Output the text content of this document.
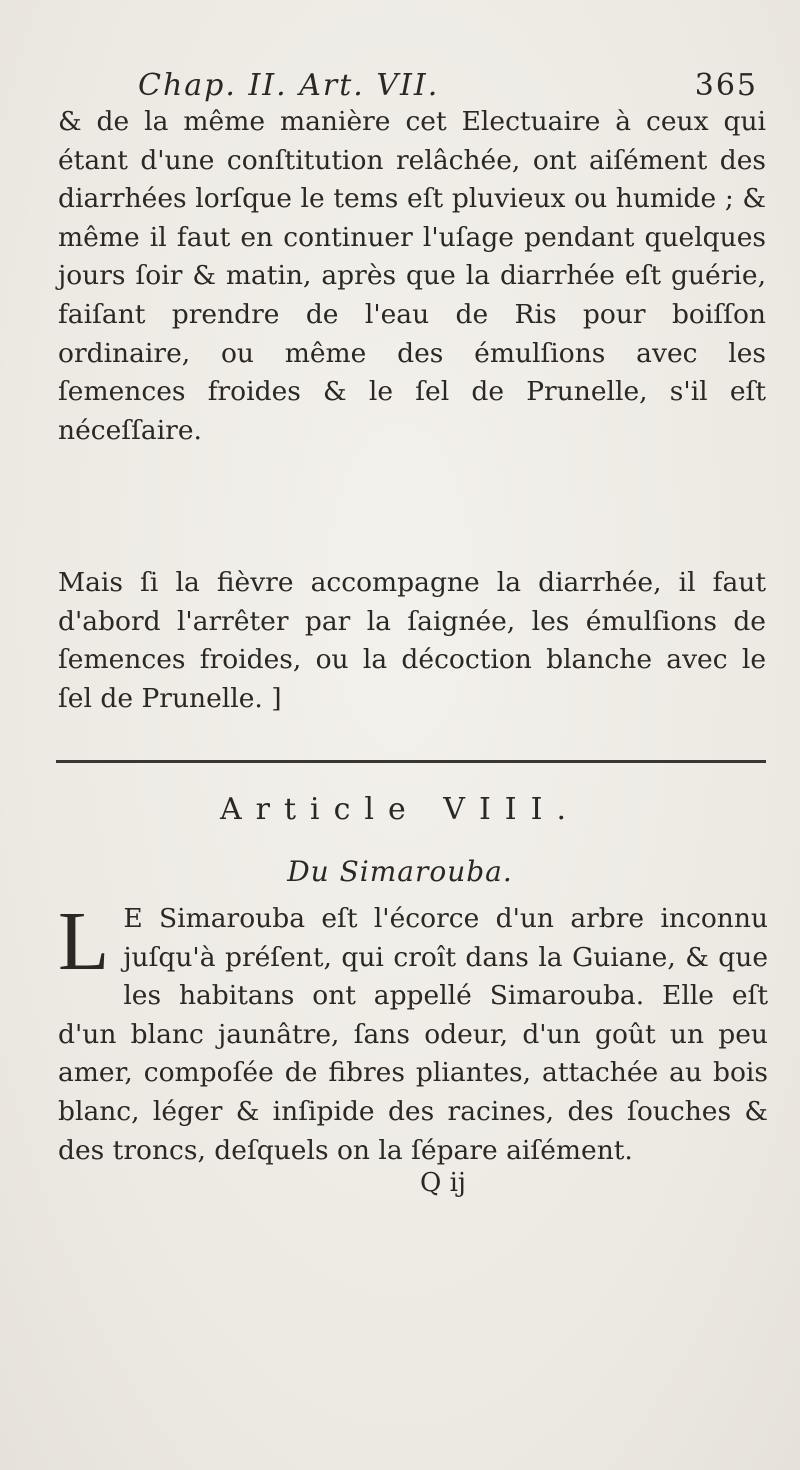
Chap. II. Art. VII.	365
& de la même manière cet Electuaire à ceux qui étant d'une conſtitution relâchée, ont aiſément des diarrhées lorſque le tems eſt pluvieux ou humide ; & même il faut en continuer l'uſage pendant quelques jours ſoir & matin, après que la diarrhée eſt guérie, faiſant prendre de l'eau de Ris pour boiſſon ordinaire, ou même des émulſions avec les ſemences froides & le ſel de Prunelle, s'il eſt néceſſaire.
Mais ſi la fièvre accompagne la diarrhée, il faut d'abord l'arrêter par la ſaignée, les émulſions de ſemences froides, ou la décoction blanche avec le ſel de Prunelle. ]
Article VIII.
Du Simarouba.
L E Simarouba eſt l'écorce d'un arbre inconnu juſqu'à préſent, qui croît dans la Guiane, & que les habitans ont appellé Simarouba. Elle eſt d'un blanc jaunâtre, ſans odeur, d'un goût un peu amer, compoſée de fibres pliantes, attachée au bois blanc, léger & inſipide des racines, des ſouches & des troncs, deſquels on la ſépare aiſément.
Q ij
